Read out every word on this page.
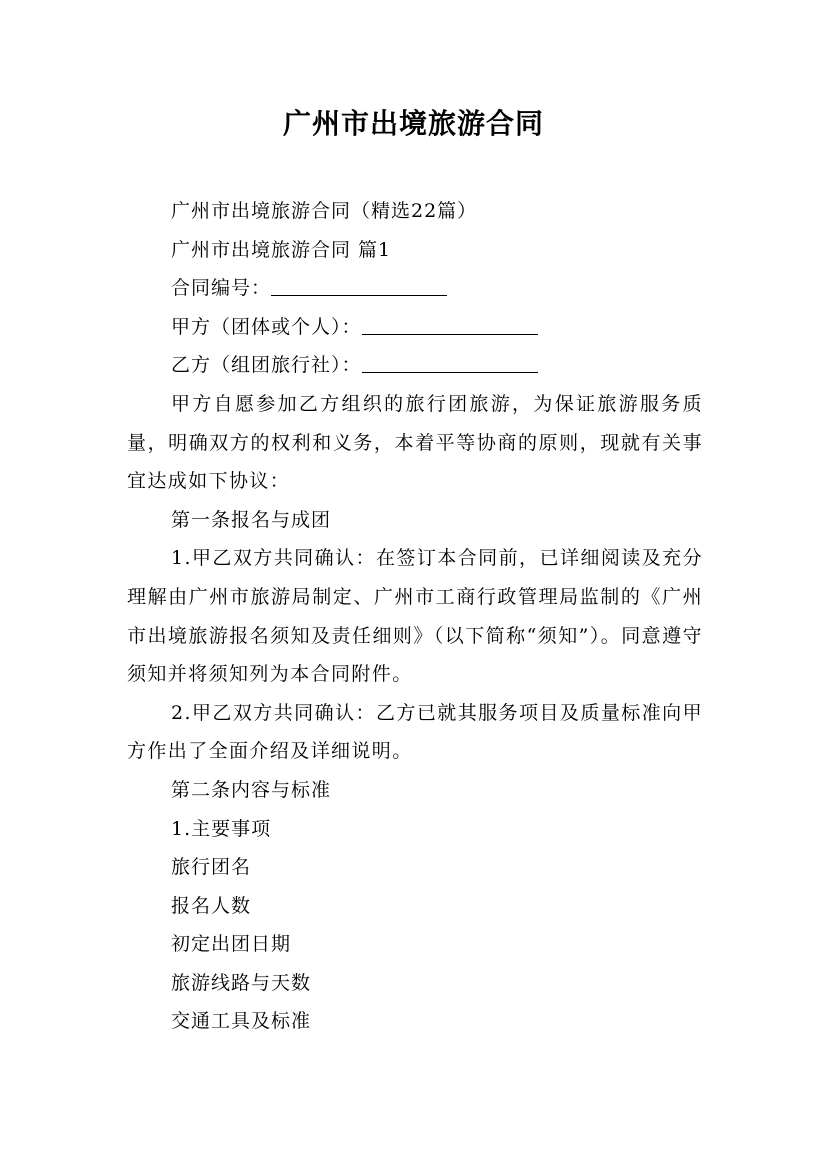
广州市出境旅游合同
广州市出境旅游合同（精选22篇）
广州市出境旅游合同 篇1
合同编号：
甲方（团体或个人）：
乙方（组团旅行社）：

甲方自愿参加乙方组织的旅行团旅游，为保证旅游服务质量，明确双方的权利和义务，本着平等协商的原则，现就有关事宜达成如下协议：

第一条报名与成团

1.甲乙双方共同确认：在签订本合同前，已详细阅读及充分理解由广州市旅游局制定、广州市工商行政管理局监制的《广州市出境旅游报名须知及责任细则》（以下简称“须知”）。同意遵守须知并将须知列为本合同附件。

2.甲乙双方共同确认：乙方已就其服务项目及质量标准向甲方作出了全面介绍及详细说明。

第二条内容与标准
1.主要事项
旅行团名
报名人数
初定出团日期
旅游线路与天数
交通工具及标准
